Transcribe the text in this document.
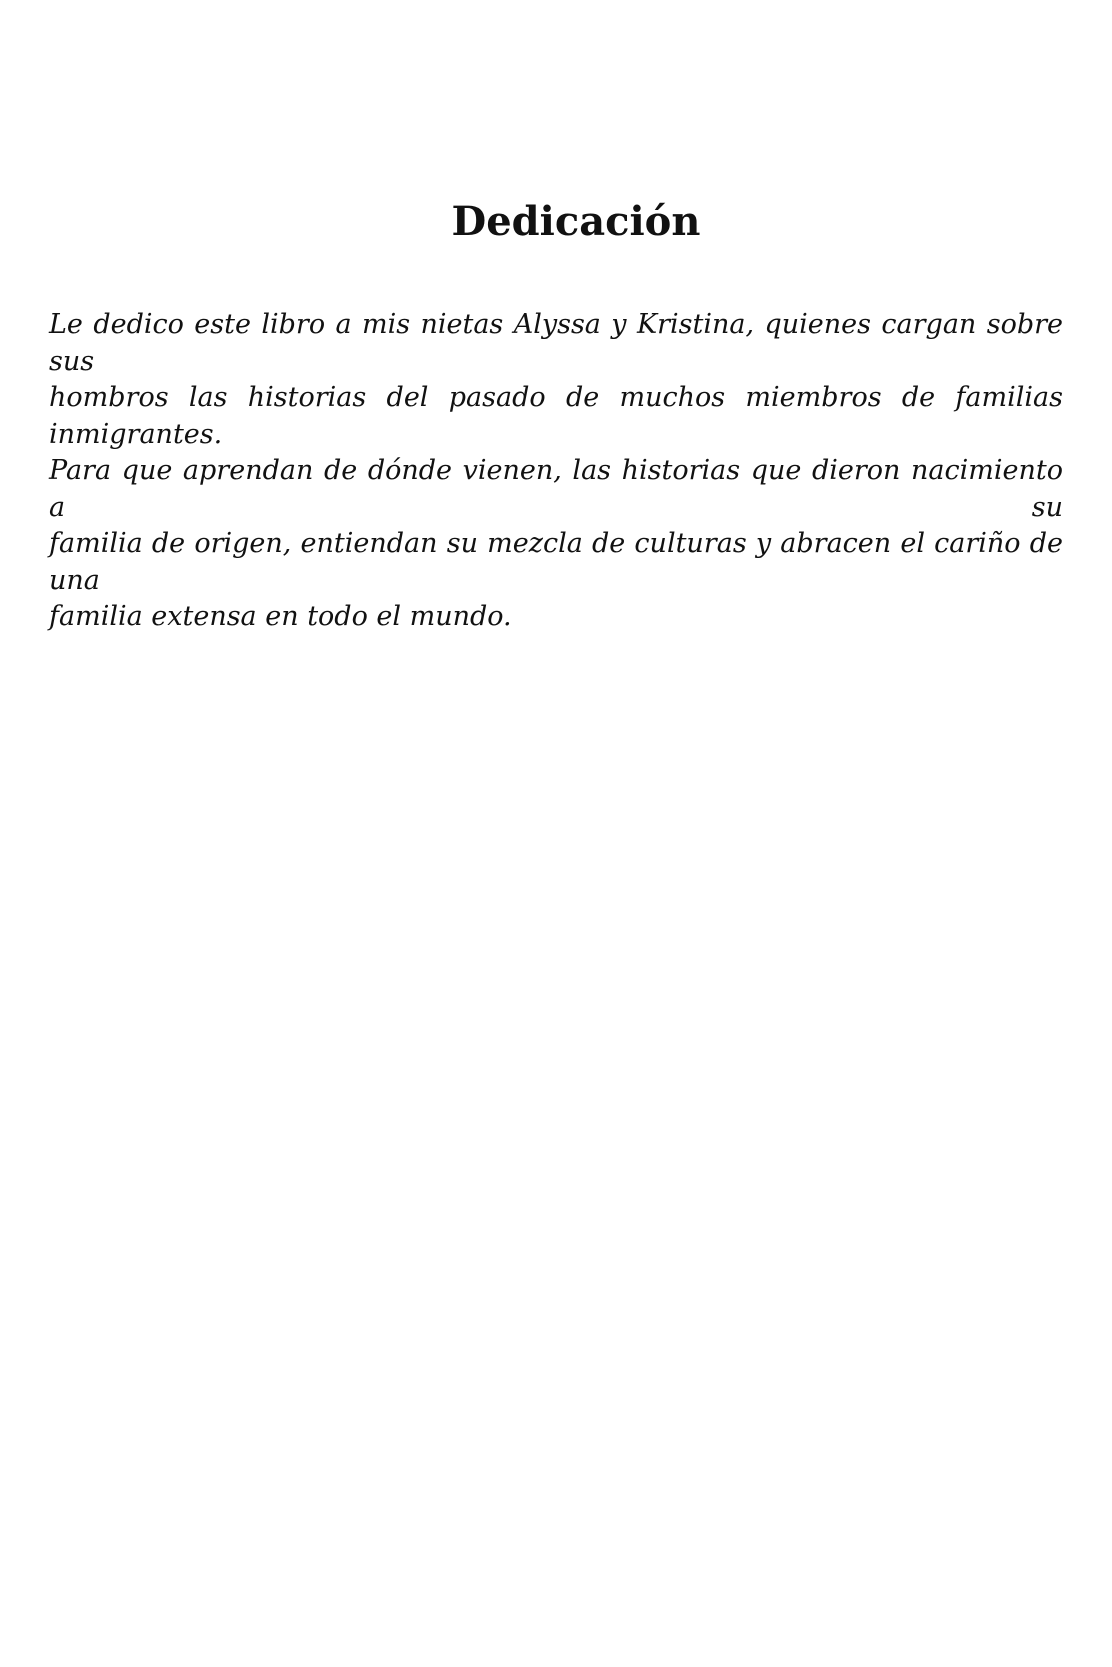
Dedicación

Le dedico este libro a mis nietas Alyssa y Kristina, quienes cargan sobre sus
hombros las historias del pasado de muchos miembros de familias inmigrantes.
Para que aprendan de dónde vienen, las historias que dieron nacimiento a su
familia de origen, entiendan su mezcla de culturas y abracen el cariño de una
familia extensa en todo el mundo.
